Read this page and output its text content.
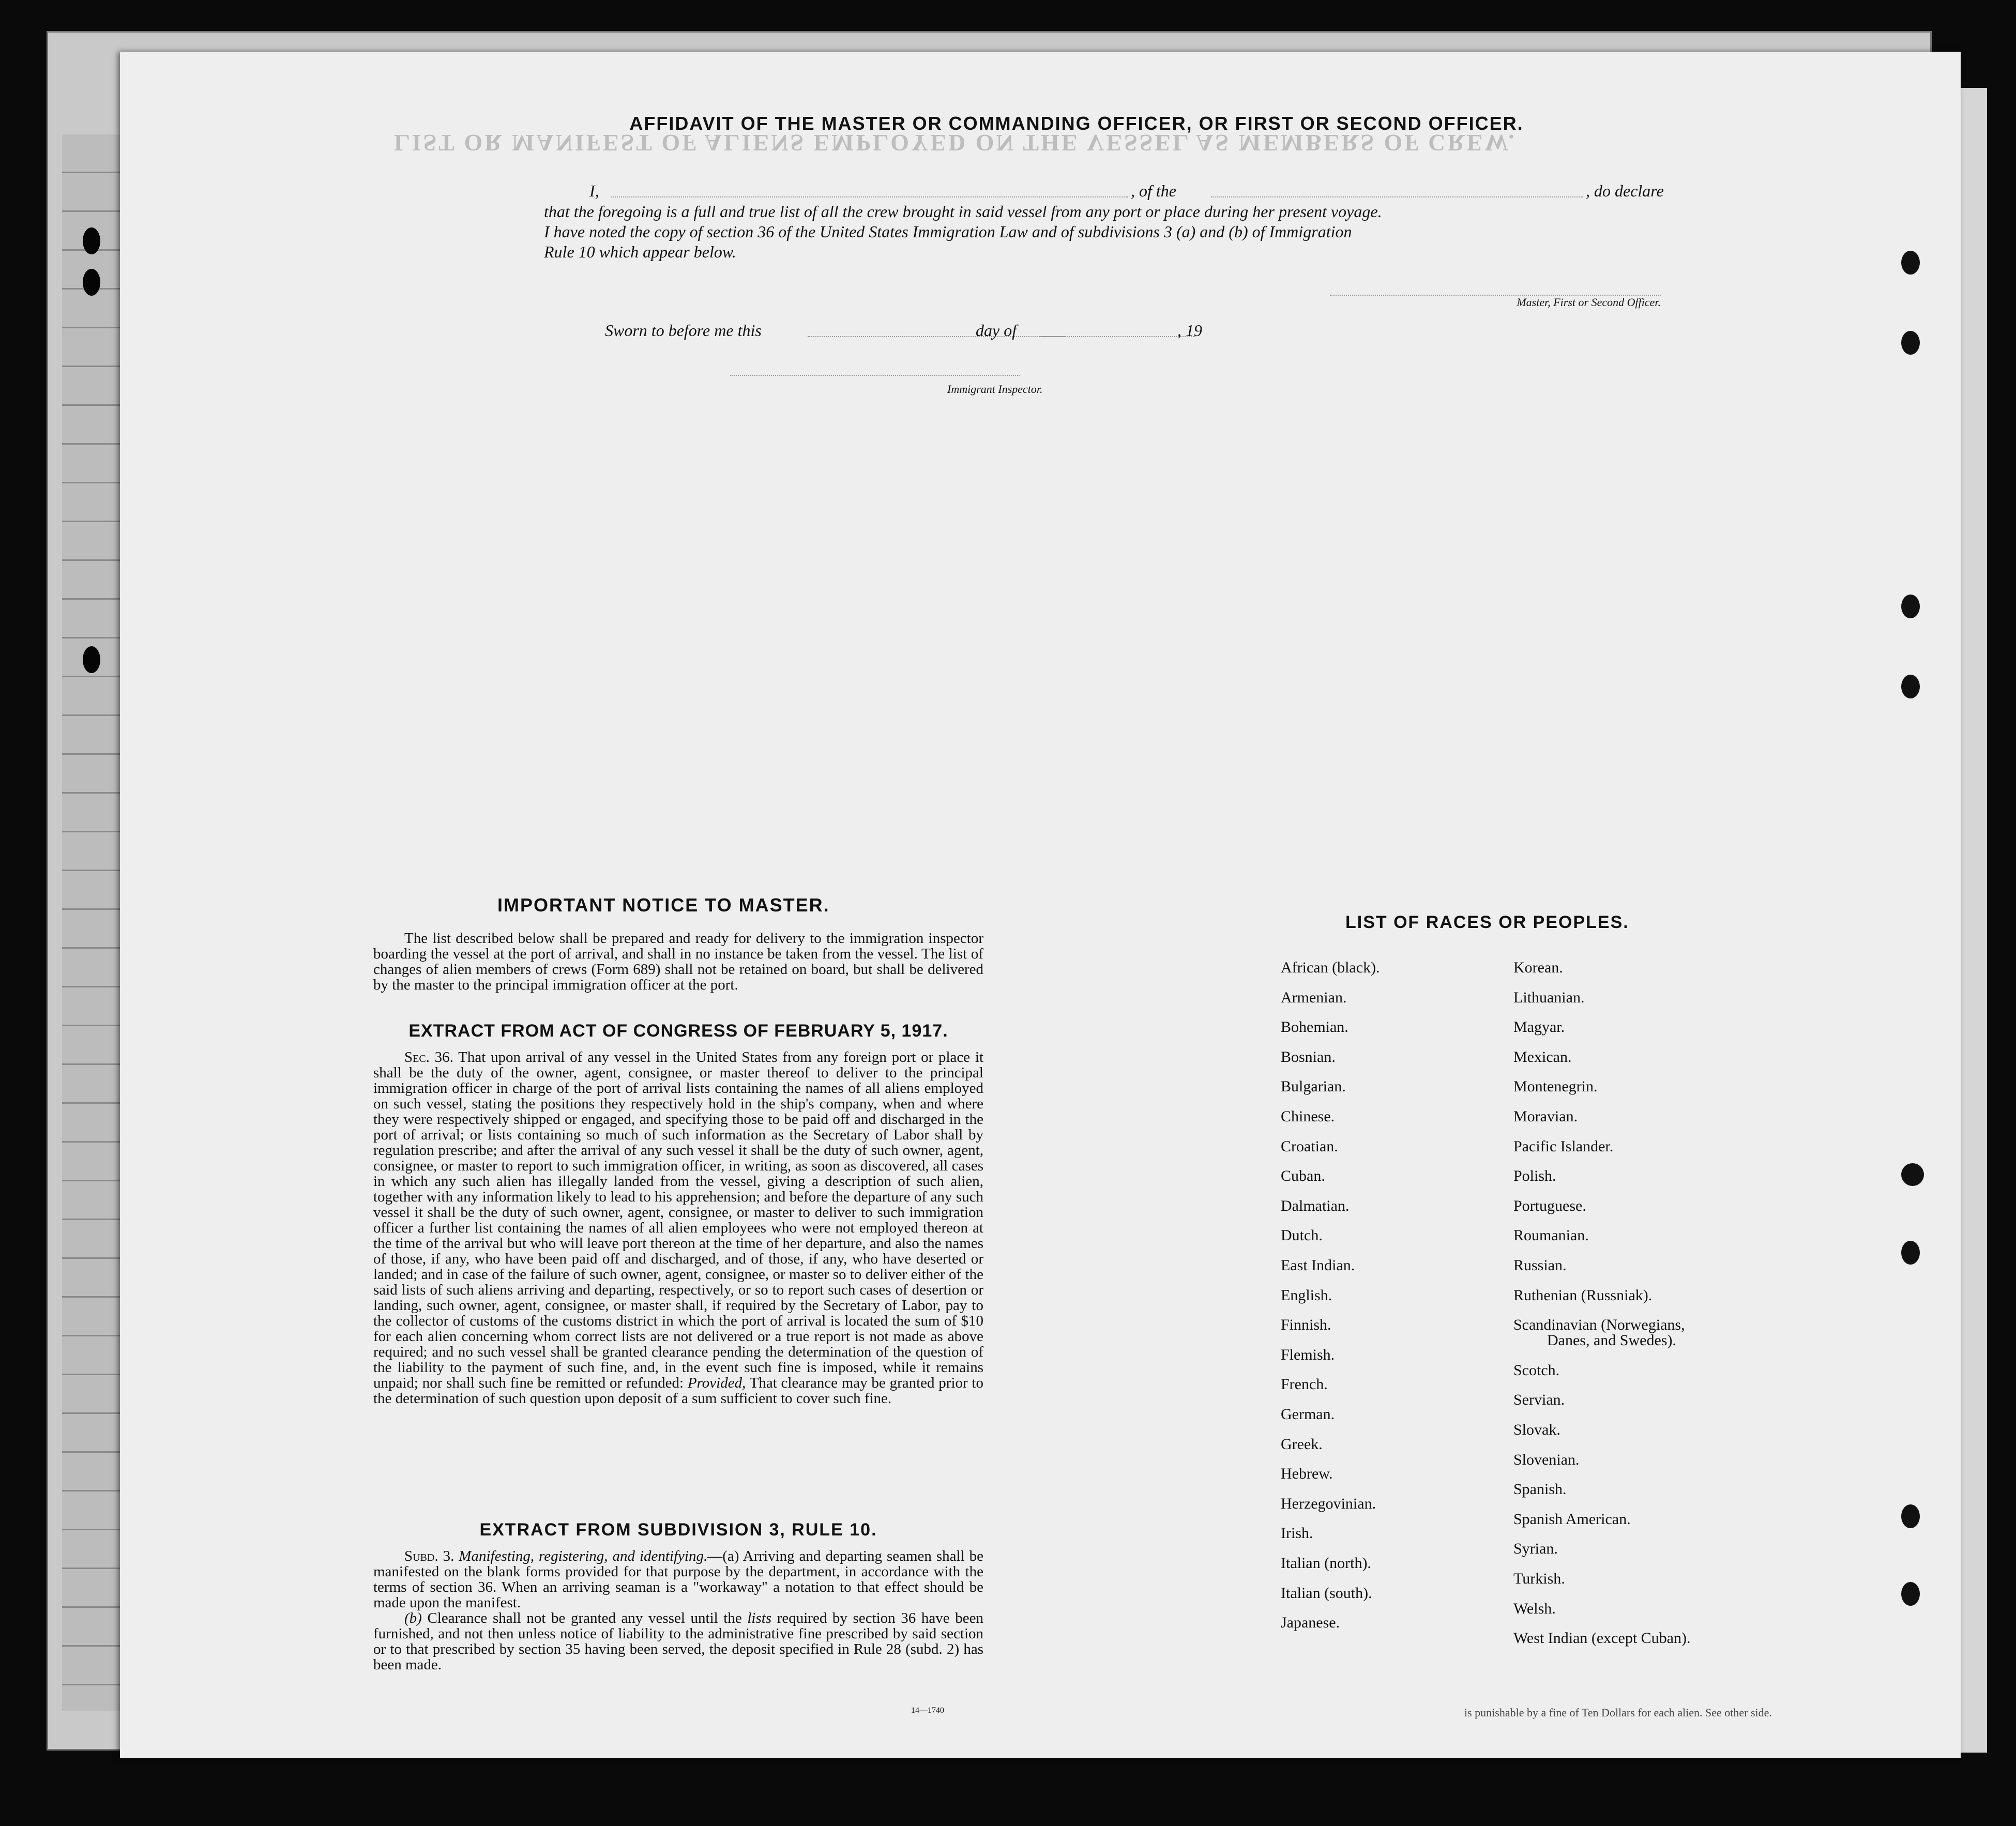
LIST OR MANIFEST OF ALIENS EMPLOYED ON THE VESSEL AS MEMBERS OF CREW.
is punishable by a fine of Ten Dollars for each alien. See other side.
AFFIDAVIT OF THE MASTER OR COMMANDING OFFICER, OR FIRST OR SECOND OFFICER.
I,	, of the	, do declare
that the foregoing is a full and true list of all the crew brought in said vessel from any port or place during her present voyage.
I have noted the copy of section 36 of the United States Immigration Law and of subdivisions 3 (a) and (b) of Immigration
Rule 10 which appear below.
Master, First or Second Officer.
Sworn to before me this	day of	, 19
Immigrant Inspector.
IMPORTANT NOTICE TO MASTER.
The list described below shall be prepared and ready for delivery to the immigration inspector boarding the vessel at the port of arrival, and shall in no instance be taken from the vessel. The list of changes of alien members of crews (Form 689) shall not be retained on board, but shall be delivered by the master to the principal immigration officer at the port.
EXTRACT FROM ACT OF CONGRESS OF FEBRUARY 5, 1917.
Sec. 36. That upon arrival of any vessel in the United States from any foreign port or place it shall be the duty of the owner, agent, consignee, or master thereof to deliver to the principal immigration officer in charge of the port of arrival lists containing the names of all aliens employed on such vessel, stating the positions they respectively hold in the ship's company, when and where they were respectively shipped or engaged, and specifying those to be paid off and discharged in the port of arrival; or lists containing so much of such information as the Secretary of Labor shall by regulation prescribe; and after the arrival of any such vessel it shall be the duty of such owner, agent, consignee, or master to report to such immigration officer, in writing, as soon as discovered, all cases in which any such alien has illegally landed from the vessel, giving a description of such alien, together with any information likely to lead to his apprehension; and before the departure of any such vessel it shall be the duty of such owner, agent, consignee, or master to deliver to such immigration officer a further list containing the names of all alien employees who were not employed thereon at the time of the arrival but who will leave port thereon at the time of her departure, and also the names of those, if any, who have been paid off and discharged, and of those, if any, who have deserted or landed; and in case of the failure of such owner, agent, consignee, or master so to deliver either of the said lists of such aliens arriving and departing, respectively, or so to report such cases of desertion or landing, such owner, agent, consignee, or master shall, if required by the Secretary of Labor, pay to the collector of customs of the customs district in which the port of arrival is located the sum of $10 for each alien concerning whom correct lists are not delivered or a true report is not made as above required; and no such vessel shall be granted clearance pending the determination of the question of the liability to the payment of such fine, and, in the event such fine is imposed, while it remains unpaid; nor shall such fine be remitted or refunded: Provided, That clearance may be granted prior to the determination of such question upon deposit of a sum sufficient to cover such fine.
EXTRACT FROM SUBDIVISION 3, RULE 10.
Subd. 3. Manifesting, registering, and identifying.—(a) Arriving and departing seamen shall be manifested on the blank forms provided for that purpose by the department, in accordance with the terms of section 36. When an arriving seaman is a "workaway" a notation to that effect should be made upon the manifest.
(b) Clearance shall not be granted any vessel until the lists required by section 36 have been furnished, and not then unless notice of liability to the administrative fine prescribed by said section or to that prescribed by section 35 having been served, the deposit specified in Rule 28 (subd. 2) has been made.
14—1740
LIST OF RACES OR PEOPLES.
African (black).
Armenian.
Bohemian.
Bosnian.
Bulgarian.
Chinese.
Croatian.
Cuban.
Dalmatian.
Dutch.
East Indian.
English.
Finnish.
Flemish.
French.
German.
Greek.
Hebrew.
Herzegovinian.
Irish.
Italian (north).
Italian (south).
Japanese.
Korean.
Lithuanian.
Magyar.
Mexican.
Montenegrin.
Moravian.
Pacific Islander.
Polish.
Portuguese.
Roumanian.
Russian.
Ruthenian (Russniak).
Scandinavian (Norwegians,
Danes, and Swedes).
Scotch.
Servian.
Slovak.
Slovenian.
Spanish.
Spanish American.
Syrian.
Turkish.
Welsh.
West Indian (except Cuban).
